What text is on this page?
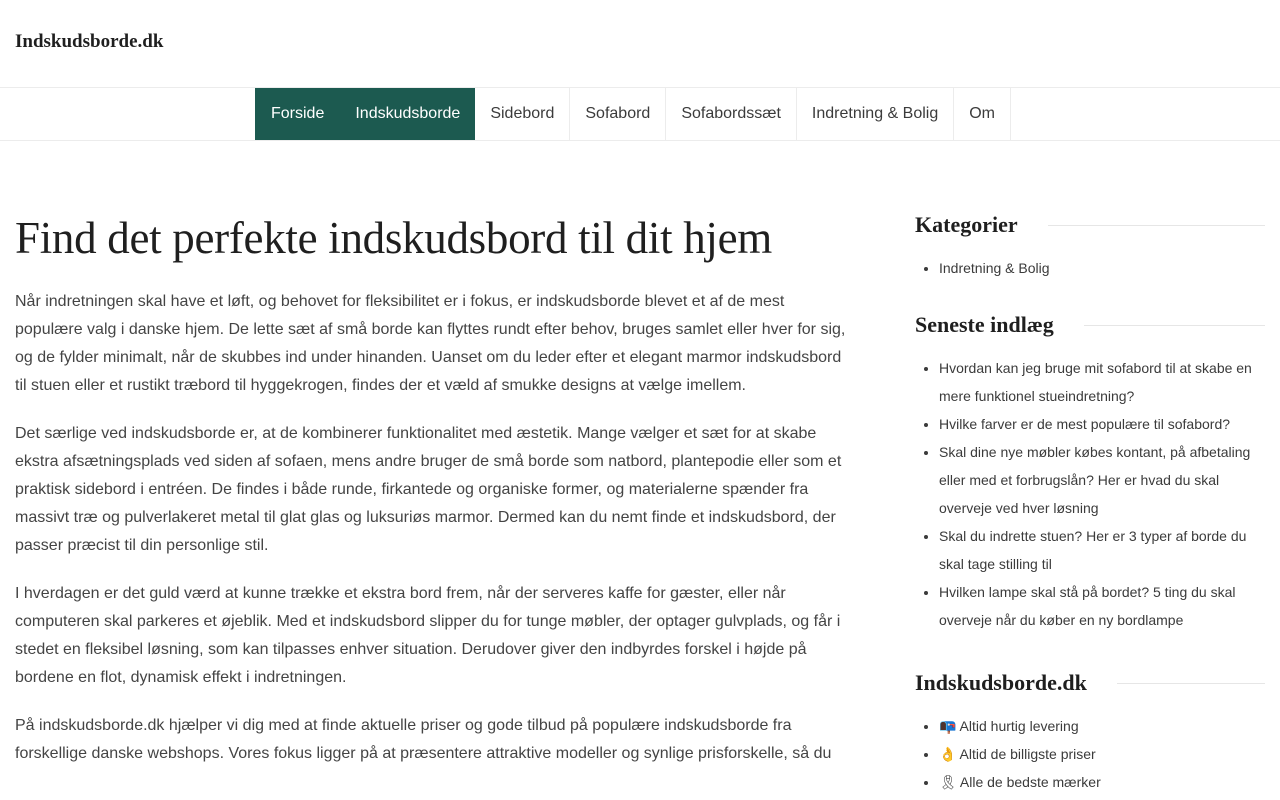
Indskudsborde.dk
Forside	Indskudsborde	Sidebord	Sofabord	Sofabordssæt	Indretning & Bolig	Om
Find det perfekte indskudsbord til dit hjem

Når indretningen skal have et løft, og behovet for fleksibilitet er i fokus, er indskudsborde blevet et af de mest populære valg i danske hjem. De lette sæt af små borde kan flyttes rundt efter behov, bruges samlet eller hver for sig, og de fylder minimalt, når de skubbes ind under hinanden. Uanset om du leder efter et elegant marmor indskudsbord til stuen eller et rustikt træbord til hyggekrogen, findes der et væld af smukke designs at vælge imellem.

Det særlige ved indskudsborde er, at de kombinerer funktionalitet med æstetik. Mange vælger et sæt for at skabe ekstra afsætningsplads ved siden af sofaen, mens andre bruger de små borde som natbord, plantepodie eller som et praktisk sidebord i entréen. De findes i både runde, firkantede og organiske former, og materialerne spænder fra massivt træ og pulverlakeret metal til glat glas og luksuriøs marmor. Dermed kan du nemt finde et indskudsbord, der passer præcist til din personlige stil.

I hverdagen er det guld værd at kunne trække et ekstra bord frem, når der serveres kaffe for gæster, eller når computeren skal parkeres et øjeblik. Med et indskudsbord slipper du for tunge møbler, der optager gulvplads, og får i stedet en fleksibel løsning, som kan tilpasses enhver situation. Derudover giver den indbyrdes forskel i højde på bordene en flot, dynamisk effekt i indretningen.

På indskudsborde.dk hjælper vi dig med at finde aktuelle priser og gode tilbud på populære indskudsborde fra forskellige danske webshops. Vores fokus ligger på at præsentere attraktive modeller og synlige prisforskelle, så du

Kategorier
• Indretning & Bolig
Seneste indlæg
• Hvordan kan jeg bruge mit sofabord til at skabe en mere funktionel stueindretning?
• Hvilke farver er de mest populære til sofabord?
• Skal dine nye møbler købes kontant, på afbetaling eller med et forbrugslån? Her er hvad du skal overveje ved hver løsning
• Skal du indrette stuen? Her er 3 typer af borde du skal tage stilling til
• Hvilken lampe skal stå på bordet? 5 ting du skal overveje når du køber en ny bordlampe
Indskudsborde.dk
• 📭 Altid hurtig levering
• 👌 Altid de billigste priser
• 🎗 Alle de bedste mærker
